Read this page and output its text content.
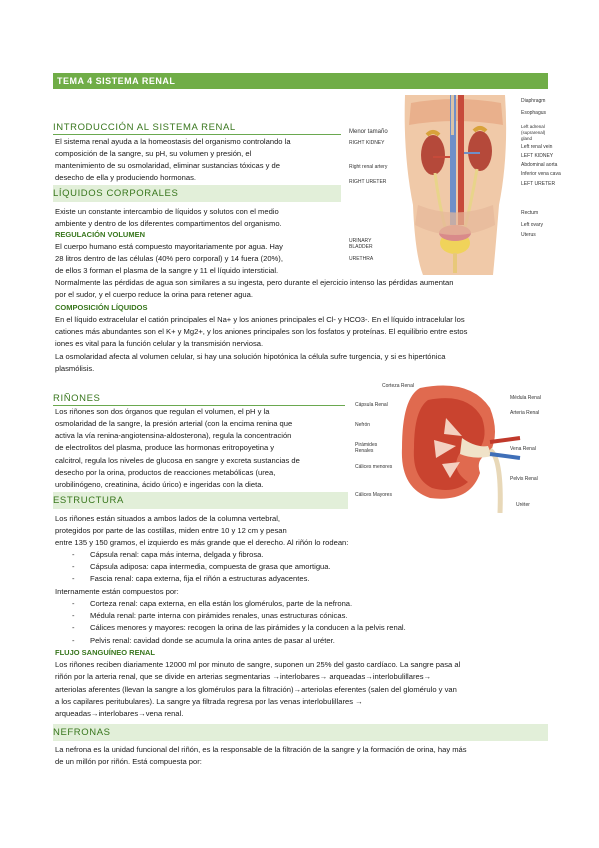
TEMA 4 SISTEMA RENAL
INTRODUCCIÓN AL SISTEMA RENAL
El sistema renal ayuda a la homeostasis del organismo controlando la
composición de la sangre, su pH, su volumen y presión, el
mantenimiento de su osmolaridad, eliminar sustancias tóxicas y de
desecho de ella y produciendo hormonas.
LÍQUIDOS CORPORALES
Existe un constante intercambio de líquidos y solutos con el medio
ambiente y dentro de los diferentes compartimentos del organismo.
REGULACIÓN VOLUMEN
El cuerpo humano está compuesto mayoritariamente por agua. Hay
28 litros dentro de las células (40% pero corporal) y 14 fuera (20%),
de ellos 3 forman el plasma de la sangre y 11 el líquido intersticial.
Normalmente las pérdidas de agua son similares a su ingesta, pero durante el ejercicio intenso las pérdidas aumentan
por el sudor, y el cuerpo reduce la orina para retener agua.
COMPOSICIÓN LÍQUIDOS
En el líquido extracelular el catión principales el Na+ y los aniones principales el Cl- y HCO3-. En el líquido intracelular los
cationes más abundantes son el K+ y Mg2+, y los aniones principales son los fosfatos y proteínas. El equilibrio entre estos
iones es vital para la función celular y la transmisión nerviosa.
La osmolaridad afecta al volumen celular, si hay una solución hipotónica la célula sufre turgencia, y si es hipertónica
plasmólisis.
Menor tamaño
RIGHT KIDNEY
Right renal artery
RIGHT URETER
URINARY BLADDER
URETHRA
Diaphragm
Esophagus
Left adrenal (suprarenal) gland
Left renal vein
LEFT KIDNEY
Abdominal aorta
Inferior vena cava
LEFT URETER
Rectum
Left ovary
Uterus
RIÑONES
Los riñones son dos órganos que regulan el volumen, el pH y la
osmolaridad de la sangre, la presión arterial (con la encima renina que
activa la vía renina-angiotensina-aldosterona), regula la concentración
de electrolitos del plasma, produce las hormonas eritropoyetina y
calcitrol, regula los niveles de glucosa en sangre y excreta sustancias de
desecho por la orina, productos de reacciones metabólicas (urea,
urobilinógeno, creatinina, ácido úrico) e ingeridas con la dieta.
Cápsula Renal
Nefrón
Pirámides Renales
Cálices menores
Cálices Mayores
Corteza Renal
Médula Renal
Arteria Renal
Vena Renal
Pelvis Renal
Uréter
ESTRUCTURA
Los riñones están situados a ambos lados de la columna vertebral,
protegidos por parte de las costillas, miden entre 10 y 12 cm y pesan
entre 135 y 150 gramos, el izquierdo es más grande que el derecho. Al riñón lo rodean:
- Cápsula renal: capa más interna, delgada y fibrosa.
- Cápsula adiposa: capa intermedia, compuesta de grasa que amortigua.
- Fascia renal: capa externa, fija el riñón a estructuras adyacentes.
Internamente están compuestos por:
- Corteza renal: capa externa, en ella están los glomérulos, parte de la nefrona.
- Médula renal: parte interna con pirámides renales, unas estructuras cónicas.
- Cálices menores y mayores: recogen la orina de las pirámides y la conducen a la pelvis renal.
- Pelvis renal: cavidad donde se acumula la orina antes de pasar al uréter.
FLUJO SANGUÍNEO RENAL
Los riñones reciben diariamente 12000 ml por minuto de sangre, suponen un 25% del gasto cardíaco. La sangre pasa al
riñón por la arteria renal, que se divide en arterias segmentarias →interlobares→ arqueadas→interlobulillares→
arteriolas aferentes (llevan la sangre a los glomérulos para la filtración)→arteriolas eferentes (salen del glomérulo y van
a los capilares peritubulares). La sangre ya filtrada regresa por las venas interlobulillares →
arqueadas→interlobares→vena renal.
NEFRONAS
La nefrona es la unidad funcional del riñón, es la responsable de la filtración de la sangre y la formación de orina, hay más
de un millón por riñón. Está compuesta por:
